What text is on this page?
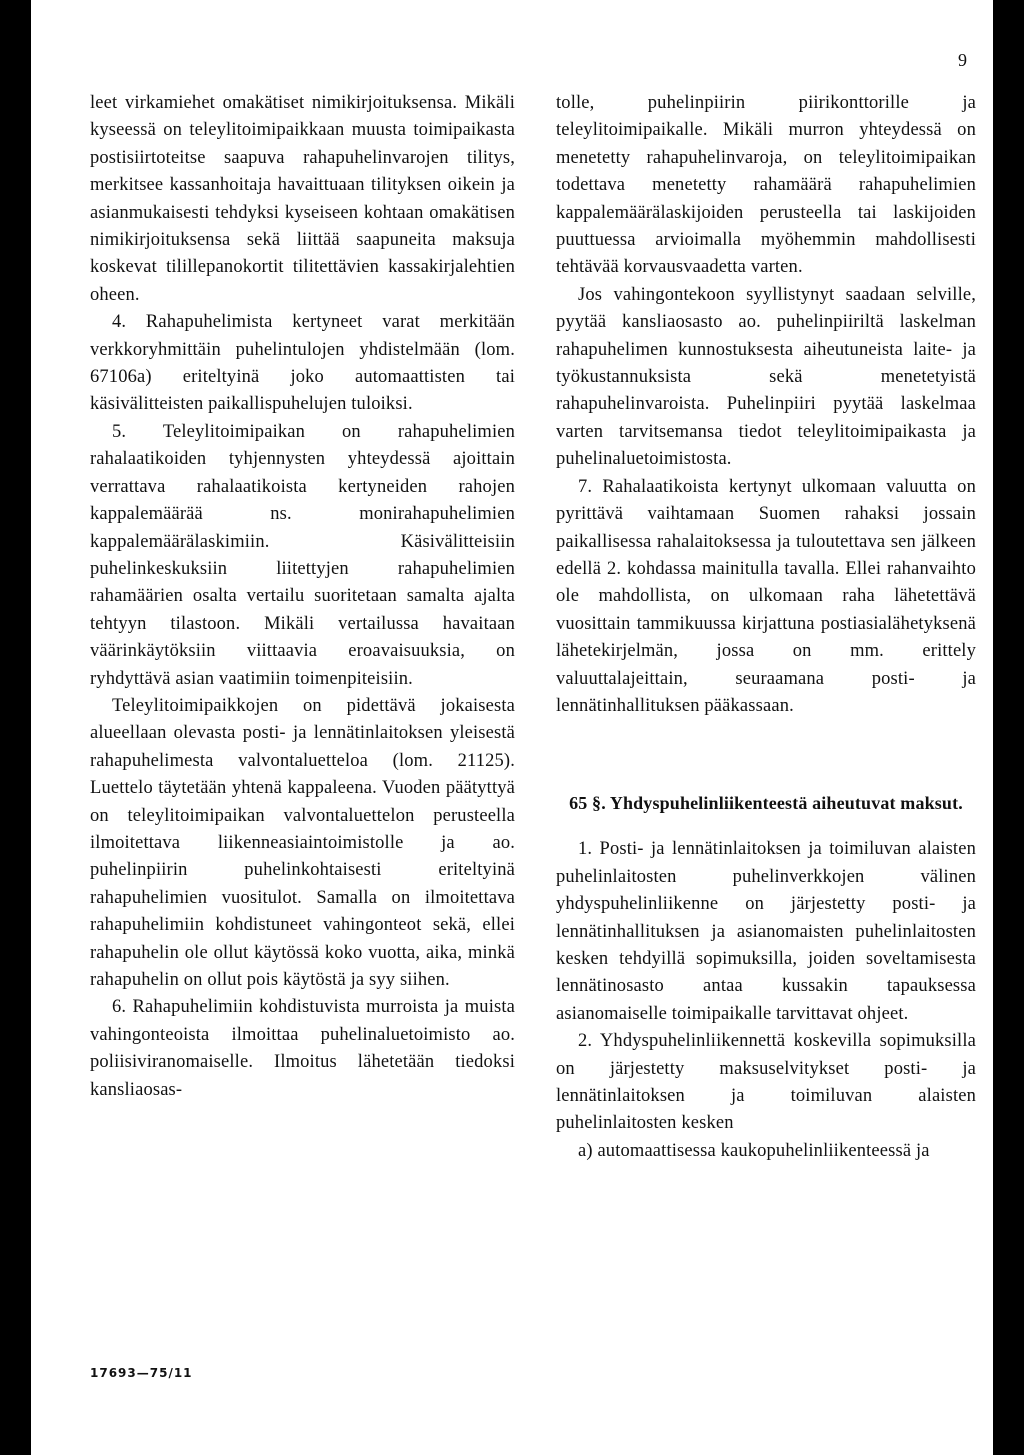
9

leet virkamiehet omakätiset nimikirjoituksensa. Mikäli kyseessä on teleylitoimipaikkaan muusta toimipaikasta postisiirtoteitse saapuva rahapuhelinvarojen tilitys, merkitsee kassanhoitaja havaittuaan tilityksen oikein ja asianmukaisesti tehdyksi kyseiseen kohtaan omakätisen nimikirjoituksensa sekä liittää saapuneita maksuja koskevat tilillepanokortit tilitettävien kassakirjalehtien oheen.

4. Rahapuhelimista kertyneet varat merkitään verkkoryhmittäin puhelintulojen yhdistelmään (lom. 67106a) eriteltyinä joko automaattisten tai käsivälitteisten paikallispuhelujen tuloiksi.

5. Teleylitoimipaikan on rahapuhelimien rahalaatikoiden tyhjennysten yhteydessä ajoittain verrattava rahalaatikoista kertyneiden rahojen kappalemäärää ns. monirahapuhelimien kappalemäärälaskimiin. Käsivälitteisiin puhelinkeskuksiin liitettyjen rahapuhelimien rahamäärien osalta vertailu suoritetaan samalta ajalta tehtyyn tilastoon. Mikäli vertailussa havaitaan väärinkäytöksiin viittaavia eroavaisuuksia, on ryhdyttävä asian vaatimiin toimenpiteisiin.

Teleylitoimipaikkojen on pidettävä jokaisesta alueellaan olevasta posti- ja lennätinlaitoksen yleisestä rahapuhelimesta valvontaluetteloa (lom. 21125). Luettelo täytetään yhtenä kappaleena. Vuoden päätyttyä on teleylitoimipaikan valvontaluettelon perusteella ilmoitettava liikenneasiaintoimistolle ja ao. puhelinpiirin puhelinkohtaisesti eriteltyinä rahapuhelimien vuositulot. Samalla on ilmoitettava rahapuhelimiin kohdistuneet vahingonteot sekä, ellei rahapuhelin ole ollut käytössä koko vuotta, aika, minkä rahapuhelin on ollut pois käytöstä ja syy siihen.

6. Rahapuhelimiin kohdistuvista murroista ja muista vahingonteoista ilmoittaa puhelinaluetoimisto ao. poliisiviranomaiselle. Ilmoitus lähetetään tiedoksi kansliaosas-

tolle, puhelinpiirin piirikonttorille ja teleylitoimipaikalle. Mikäli murron yhteydessä on menetetty rahapuhelinvaroja, on teleylitoimipaikan todettava menetetty rahamäärä rahapuhelimien kappalemäärälaskijoiden perusteella tai laskijoiden puuttuessa arvioimalla myöhemmin mahdollisesti tehtävää korvausvaadetta varten.

Jos vahingontekoon syyllistynyt saadaan selville, pyytää kansliaosasto ao. puhelinpiiriltä laskelman rahapuhelimen kunnostuksesta aiheutuneista laite- ja työkustannuksista sekä menetetyistä rahapuhelinvaroista. Puhelinpiiri pyytää laskelmaa varten tarvitsemansa tiedot teleylitoimipaikasta ja puhelinaluetoimistosta.

7. Rahalaatikoista kertynyt ulkomaan valuutta on pyrittävä vaihtamaan Suomen rahaksi jossain paikallisessa rahalaitoksessa ja tuloutettava sen jälkeen edellä 2. kohdassa mainitulla tavalla. Ellei rahanvaihto ole mahdollista, on ulkomaan raha lähetettävä vuosittain tammikuussa kirjattuna postiasialähetyksenä lähetekirjelmän, jossa on mm. erittely valuuttalajeittain, seuraamana posti- ja lennätinhallituksen pääkassaan.

65 §. Yhdyspuhelinliikenteestä aiheutuvat maksut.

1. Posti- ja lennätinlaitoksen ja toimiluvan alaisten puhelinlaitosten puhelinverkkojen välinen yhdyspuhelinliikenne on järjestetty posti- ja lennätinhallituksen ja asianomaisten puhelinlaitosten kesken tehdyillä sopimuksilla, joiden soveltamisesta lennätinosasto antaa kussakin tapauksessa asianomaiselle toimipaikalle tarvittavat ohjeet.

2. Yhdyspuhelinliikennettä koskevilla sopimuksilla on järjestetty maksuselvitykset posti- ja lennätinlaitoksen ja toimiluvan alaisten puhelinlaitosten kesken

a) automaattisessa kaukopuhelinliikenteessä ja

17693—75/11
